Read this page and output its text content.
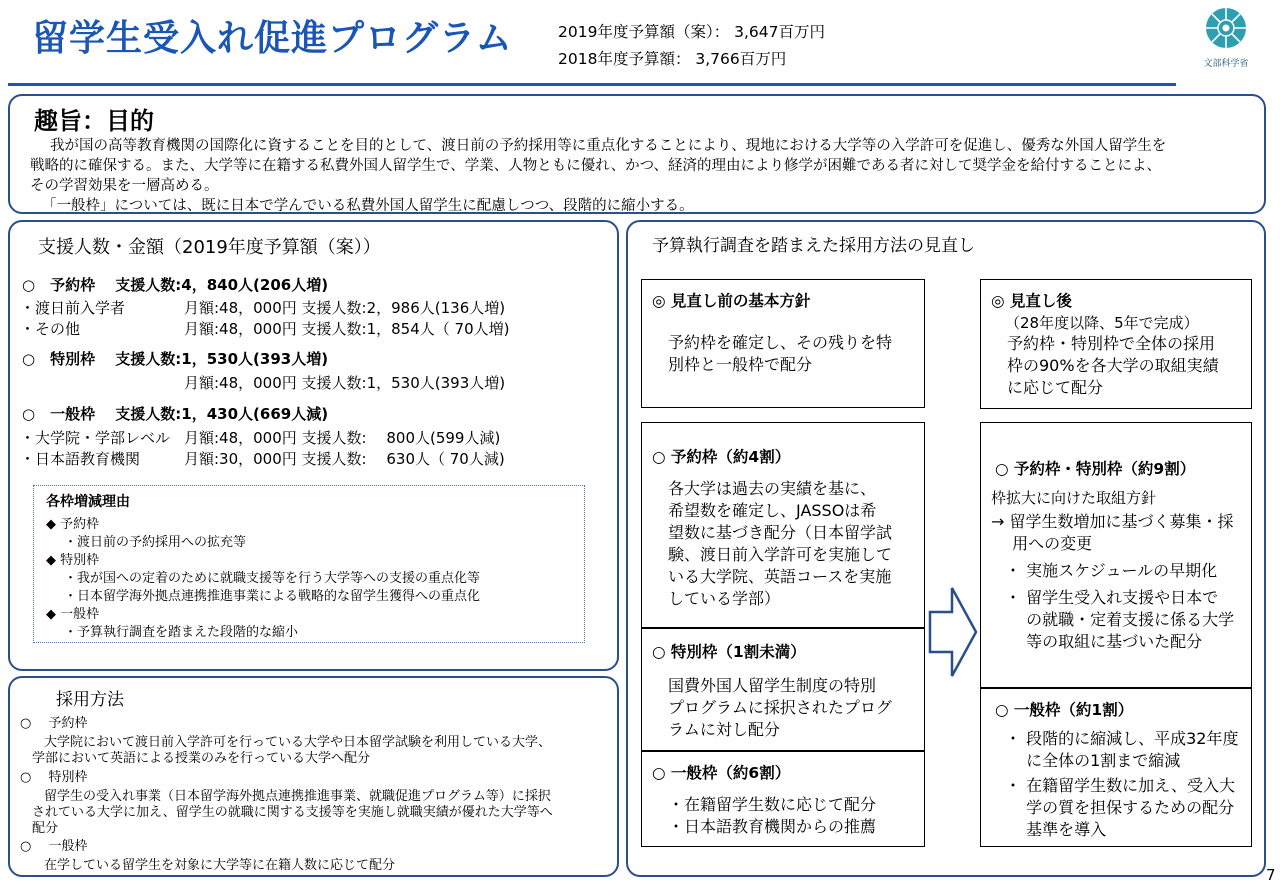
留学生受入れ促進プログラム	2019年度予算額（案）： 3,647百万円
2018年度予算額： 3,766百万円	文部科学省
趣旨：目的
我が国の高等教育機関の国際化に資することを目的として、渡日前の予約採用等に重点化することにより、現地における大学等の入学許可を促進し、優秀な外国人留学生を
戦略的に確保する。また、大学等に在籍する私費外国人留学生で、学業、人物ともに優れ、かつ、経済的理由により修学が困難である者に対して奨学金を給付することによ、
その学習効果を一層高める。
「一般枠」については、既に日本で学んでいる私費外国人留学生に配慮しつつ、段階的に縮小する。
支援人数・金額（2019年度予算額（案））
○　予約枠　 支援人数:4，840人(206人増)
・渡日前入学者	月額:48，000円 支援人数:2，986人(136人増)
・その他	月額:48，000円 支援人数:1，854人（ 70人増)
○　特別枠　 支援人数:1，530人(393人増)
月額:48，000円 支援人数:1，530人(393人増)
○　一般枠　 支援人数:1，430人(669人減)
・大学院・学部レベル 月額:48，000円 支援人数:　 800人(599人減)
・日本語教育機関	月額:30，000円 支援人数:　 630人（ 70人減)
各枠増減理由
◆ 予約枠
・渡日前の予約採用への拡充等
◆ 特別枠
・我が国への定着のために就職支援等を行う大学等への支援の重点化等
・日本留学海外拠点連携推進事業による戦略的な留学生獲得への重点化
◆ 一般枠
・予算執行調査を踏まえた段階的な縮小
採用方法
○　 予約枠
大学院において渡日前入学許可を行っている大学や日本留学試験を利用している大学、
学部において英語による授業のみを行っている大学へ配分
○　 特別枠
留学生の受入れ事業（日本留学海外拠点連携推進事業、就職促進プログラム等）に採択
されている大学に加え、留学生の就職に関する支援等を実施し就職実績が優れた大学等へ
配分
○　 一般枠
在学している留学生を対象に大学等に在籍人数に応じて配分
予算執行調査を踏まえた採用方法の見直し
◎ 見直し前の基本方針
予約枠を確定し、その残りを特
別枠と一般枠で配分
◎ 見直し後
（28年度以降、5年で完成）
予約枠・特別枠で全体の採用
枠の90%を各大学の取組実績
に応じて配分
○ 予約枠（約4割）
各大学は過去の実績を基に、
希望数を確定し、JASSOは希
望数に基づき配分（日本留学試
験、渡日前入学許可を実施して
いる大学院、英語コースを実施
している学部）
○ 特別枠（1割未満）
国費外国人留学生制度の特別
プログラムに採択されたプログ
ラムに対し配分
○ 一般枠（約6割）
・在籍留学生数に応じて配分
・日本語教育機関からの推薦
○ 予約枠・特別枠（約9割）
枠拡大に向けた取組方針
→ 留学生数増加に基づく募集・採
　 用への変更
・ 実施スケジュールの早期化
・ 留学生受入れ支援や日本で
　 の就職・定着支援に係る大学
　 等の取組に基づいた配分
○ 一般枠（約1割）
・ 段階的に縮減し、平成32年度
　 に全体の1割まで縮減
・ 在籍留学生数に加え、受入大
　 学の質を担保するための配分
　 基準を導入
7
